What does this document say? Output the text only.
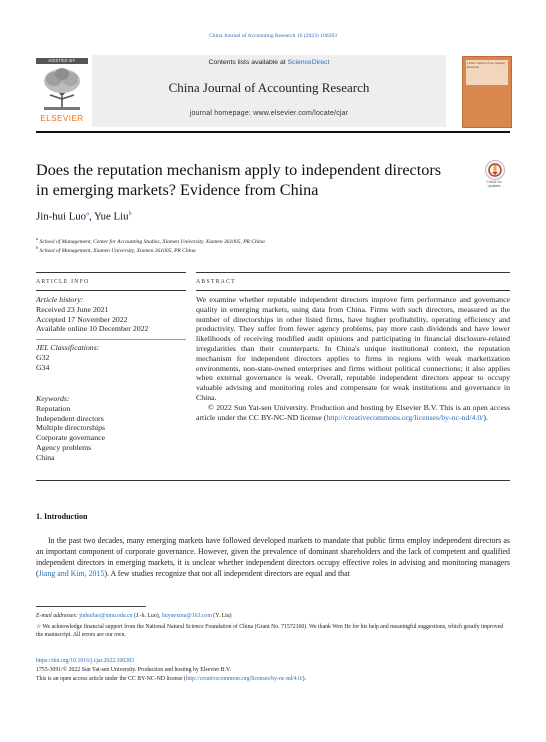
China Journal of Accounting Research 16 (2023) 100283
HOSTED BY
ELSEVIER
Contents lists available at ScienceDirect
China Journal of Accounting Research
journal homepage: www.elsevier.com/locate/cjar
China Journal of Accounting Research
Does the reputation mechanism apply to independent directors in emerging markets? Evidence from China	Check for updates
Jin-hui Luo$^a$, Yue Liu$^b$
$^a$ School of Management, Center for Accounting Studies, Xiamen University, Xiamen 361005, PR China
$^b$ School of Management, Xiamen University, Xiamen 361005, PR China
ARTICLE INFO
Article history:
Received 23 June 2021
Accepted 17 November 2022
Available online 10 December 2022
JEL Classifications:
G32
G34
Keywords:
Reputation
Independent directors
Multiple directorships
Corporate governance
Agency problems
China
ABSTRACT
We examine whether reputable independent directors improve firm performance and governance quality in emerging markets, using data from China. Firms with such directors, measured as the number of directorships in other listed firms, have higher profitability, operating efficiency and productivity. They suffer from fewer agency problems, pay more cash dividends and have lower likelihoods of receiving modified audit opinions and participating in financial disclosure-related irregularities than their counterparts. In China's unique institutional context, the reputation mechanism for independent directors applies to firms in regions with weak marketization environments, non-state-owned enterprises and firms without political connections; it also applies when external governance is weak. Overall, reputable independent directors appear to occupy valuable advising and monitoring roles and compensate for weak institutions and governance in China.
© 2022 Sun Yat-sen University. Production and hosting by Elsevier B.V. This is an open access article under the CC BY-NC-ND license (http://creativecommons.org/licenses/by-nc-nd/4.0/).
1. Introduction
In the past two decades, many emerging markets have followed developed markets to mandate that public firms employ independent directors as an important component of corporate governance. However, given the prevalence of dominant shareholders and the lack of competent and qualified independent directors in emerging markets, it is unclear whether independent directors occupy effective roles in advising and monitoring managers (Jiang and Kim, 2015). A few studies recognize that not all independent directors are equal and that
E-mail addresses: jinhuiluo@xmu.edu.cn (J.-h. Luo), liuyuexmu@163.com (Y. Liu)
☆ We acknowledge financial support from the National Natural Science Foundation of China (Grant No. 71572160). We thank Wen He for his help and meaningful suggestions, which greatly improved the manuscript. All errors are our own.
https://doi.org/10.1016/j.cjar.2022.100283
1755-3091/© 2022 Sun Yat-sen University. Production and hosting by Elsevier B.V.
This is an open access article under the CC BY-NC-ND license (http://creativecommons.org/licenses/by-nc-nd/4.0/).
